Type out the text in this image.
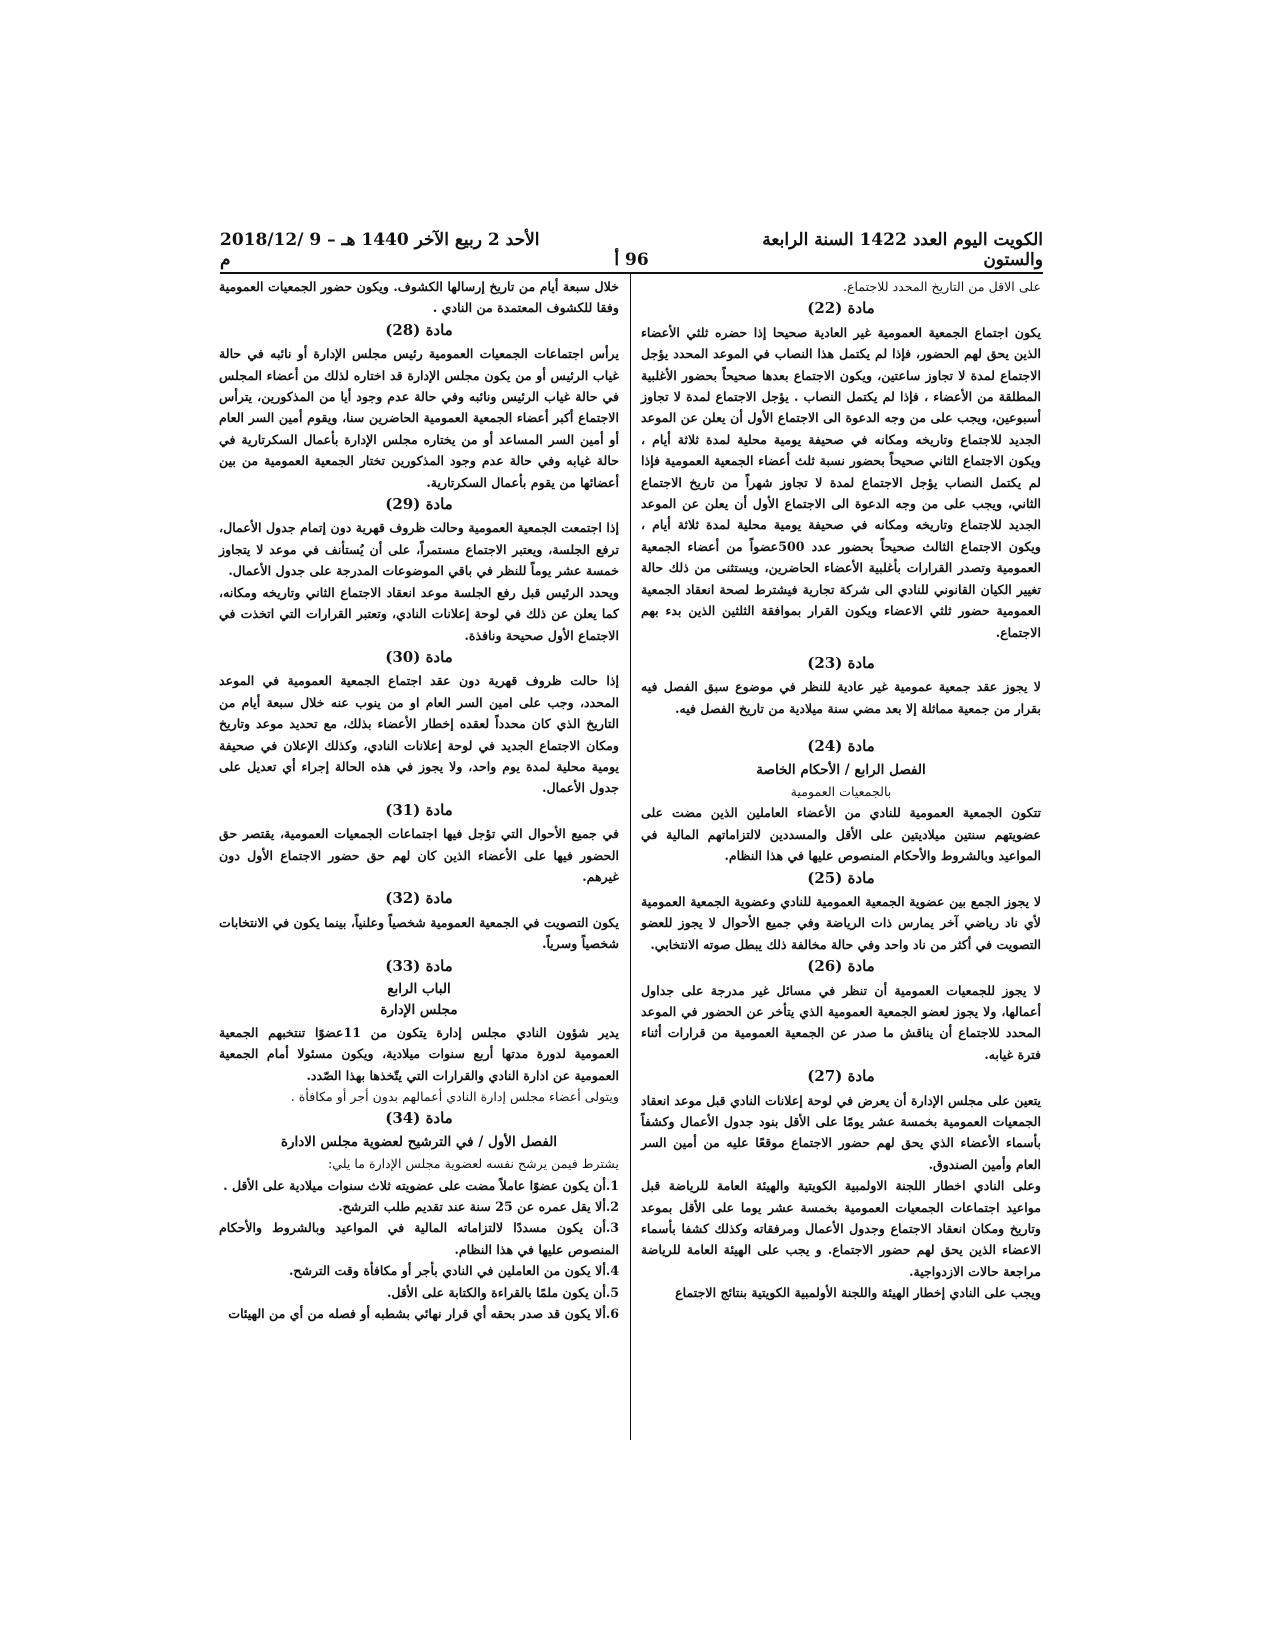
الكويت اليوم العدد 1422 السنة الرابعة والستون
96 أ
الأحد 2 ربيع الآخر 1440 هـ – 9 /2018/12 م

على الاقل من التاريخ المحدد للاجتماع.

مادة (22)

يكون اجتماع الجمعية العمومية غير العادية صحيحا إذا حضره ثلثي الأعضاء الذين يحق لهم الحضور، فإذا لم يكتمل هذا النصاب في الموعد المحدد يؤجل الاجتماع لمدة لا تجاوز ساعتين، ويكون الاجتماع بعدها صحيحاً بحضور الأغلبية المطلقة من الأعضاء ، فإذا لم يكتمل النصاب . يؤجل الاجتماع لمدة لا تجاوز أسبوعين، ويجب على من وجه الدعوة الى الاجتماع الأول أن يعلن عن الموعد الجديد للاجتماع وتاريخه ومكانه في صحيفة يومية محلية لمدة ثلاثة أيام ، ويكون الاجتماع الثاني صحيحاً بحضور نسبة ثلث أعضاء الجمعية العمومية فإذا لم يكتمل النصاب يؤجل الاجتماع لمدة لا تجاوز شهراً من تاريخ الاجتماع الثاني، ويجب على من وجه الدعوة الى الاجتماع الأول أن يعلن عن الموعد الجديد للاجتماع وتاريخه ومكانه في صحيفة يومية محلية لمدة ثلاثة أيام ، ويكون الاجتماع الثالث صحيحاً بحضور عدد 500عضواً من أعضاء الجمعية العمومية وتصدر القرارات بأغلبية الأعضاء الحاضرين، ويستثنى من ذلك حالة تغيير الكيان القانوني للنادي الى شركة تجارية فيشترط لصحة انعقاد الجمعية العمومية حضور ثلثي الاعضاء ويكون القرار بموافقة الثلثين الذين بدء بهم الاجتماع.

مادة (23)

لا يجوز عقد جمعية عمومية غير عادية للنظر في موضوع سبق الفصل فيه بقرار من جمعية مماثلة إلا بعد مضي سنة ميلادية من تاريخ الفصل فيه.

مادة (24)
الفصل الرابع / الأحكام الخاصة
بالجمعيات العمومية

تتكون الجمعية العمومية للنادي من الأعضاء العاملين الذين مضت على عضويتهم سنتين ميلاديتين على الأقل والمسددين لالتزاماتهم المالية في المواعيد وبالشروط والأحكام المنصوص عليها في هذا النظام.

مادة (25)

لا يجوز الجمع بين عضوية الجمعية العمومية للنادي وعضوية الجمعية العمومية لأي ناد رياضي آخر يمارس ذات الرياضة وفي جميع الأحوال لا يجوز للعضو التصويت في أكثر من ناد واحد وفي حالة مخالفة ذلك يبطل صوته الانتخابي.

مادة (26)

لا يجوز للجمعيات العمومية أن تنظر في مسائل غير مدرجة على جداول أعمالها، ولا يجوز لعضو الجمعية العمومية الذي يتأخر عن الحضور في الموعد المحدد للاجتماع أن يناقش ما صدر عن الجمعية العمومية من قرارات أثناء فترة غيابه.

مادة (27)

يتعين على مجلس الإدارة أن يعرض في لوحة إعلانات النادي قبل موعد انعقاد الجمعيات العمومية بخمسة عشر يومًا على الأقل بنود جدول الأعمال وكشفاً بأسماء الأعضاء الذي يحق لهم حضور الاجتماع موقعًا عليه من أمين السر العام وأمين الصندوق.

وعلى النادي اخطار اللجنة الاولمبية الكويتية والهيئة العامة للرياضة قبل مواعيد اجتماعات الجمعيات العمومية بخمسة عشر يوما على الأقل بموعد وتاريخ ومكان انعقاد الاجتماع وجدول الأعمال ومرفقاته وكذلك كشفا بأسماء الاعضاء الذين يحق لهم حضور الاجتماع. و يجب على الهيئة العامة للرياضة مراجعة حالات الازدواجية.

ويجب على النادي إخطار الهيئة واللجنة الأولمبية الكويتية بنتائج الاجتماع

خلال سبعة أيام من تاريخ إرسالها الكشوف. ويكون حضور الجمعيات العمومية وفقا للكشوف المعتمدة من النادي .

مادة (28)

يرأس اجتماعات الجمعيات العمومية رئيس مجلس الإدارة أو نائبه في حالة غياب الرئيس أو من يكون مجلس الإدارة قد اختاره لذلك من أعضاء المجلس في حالة غياب الرئيس ونائبه وفي حالة عدم وجود أيا من المذكورين، يترأس الاجتماع أكبر أعضاء الجمعية العمومية الحاضرين سنا، ويقوم أمين السر العام أو أمين السر المساعد أو من يختاره مجلس الإدارة بأعمال السكرتارية في حالة غيابه وفي حالة عدم وجود المذكورين تختار الجمعية العمومية من بين أعضائها من يقوم بأعمال السكرتارية.

مادة (29)

إذا اجتمعت الجمعية العمومية وحالت ظروف قهرية دون إتمام جدول الأعمال، ترفع الجلسة، ويعتبر الاجتماع مستمراً، على أن يُستأنف في موعد لا يتجاوز خمسة عشر يوماً للنظر في باقي الموضوعات المدرجة على جدول الأعمال.

ويحدد الرئيس قبل رفع الجلسة موعد انعقاد الاجتماع الثاني وتاريخه ومكانه، كما يعلن عن ذلك في لوحة إعلانات النادي، وتعتبر القرارات التي اتخذت في الاجتماع الأول صحيحة ونافذة.

مادة (30)

إذا حالت ظروف قهرية دون عقد اجتماع الجمعية العمومية في الموعد المحدد، وجب على امين السر العام او من ينوب عنه خلال سبعة أيام من التاريخ الذي كان محدداً لعقده إخطار الأعضاء بذلك، مع تحديد موعد وتاريخ ومكان الاجتماع الجديد في لوحة إعلانات النادي، وكذلك الإعلان في صحيفة يومية محلية لمدة يوم واحد، ولا يجوز في هذه الحالة إجراء أي تعديل على جدول الأعمال.

مادة (31)

في جميع الأحوال التي تؤجل فيها اجتماعات الجمعيات العمومية، يقتصر حق الحضور فيها على الأعضاء الذين كان لهم حق حضور الاجتماع الأول دون غيرهم.

مادة (32)

يكون التصويت في الجمعية العمومية شخصياً وعلنياً، بينما يكون في الانتخابات شخصياً وسرياً.

مادة (33)
الباب الرابع
مجلس الإدارة

يدير شؤون النادي مجلس إدارة يتكون من 11عضوًا تنتخبهم الجمعية العمومية لدورة مدتها أربع سنوات ميلادية، ويكون مسئولا أمام الجمعية العمومية عن ادارة النادي والقرارات التي يتّخذها بهذا الصّدد.

ويتولى أعضاء مجلس إدارة النادي أعمالهم بدون أجر أو مكافأة .

مادة (34)
الفصل الأول / في الترشيح لعضوية مجلس الادارة

يشترط فيمن يرشح نفسه لعضوية مجلس الإدارة ما يلي:

1.أن يكون عضوًا عاملاً مضت على عضويته ثلاث سنوات ميلادية على الأقل .

2.ألا يقل عمره عن 25 سنة عند تقديم طلب الترشح.

3.أن يكون مسددًا لالتزاماته المالية في المواعيد وبالشروط والأحكام المنصوص عليها في هذا النظام.

4.ألا يكون من العاملين في النادي بأجر أو مكافأة وقت الترشح.

5.أن يكون ملمًا بالقراءة والكتابة على الأقل.

6.ألا يكون قد صدر بحقه أي قرار نهائي بشطبه أو فصله من أي من الهيئات
